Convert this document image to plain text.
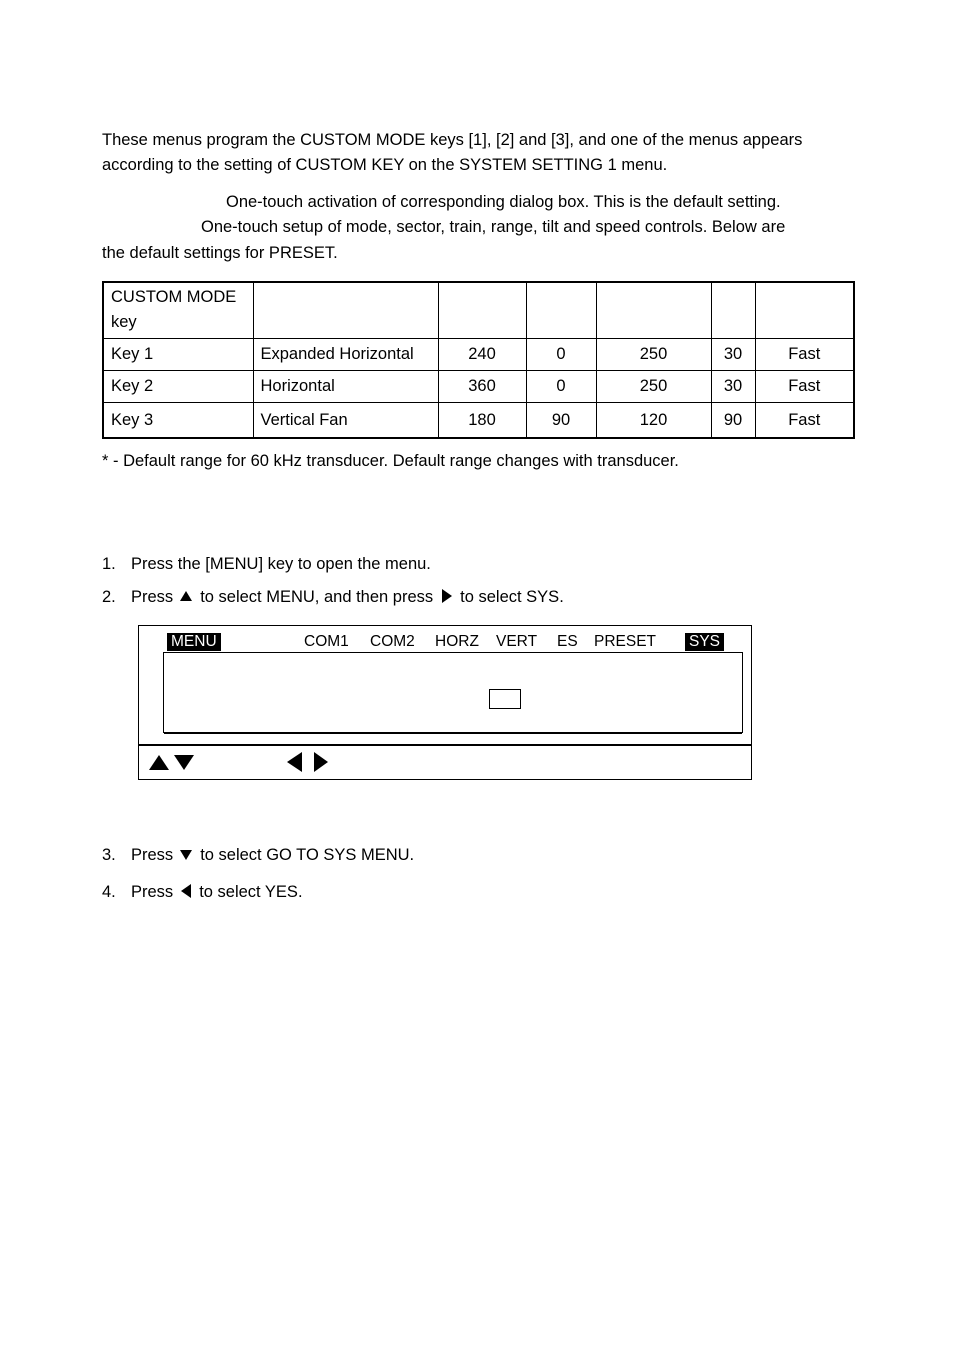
These menus program the CUSTOM MODE keys [1], [2] and [3], and one of the menus appears
according to the setting of CUSTOM KEY on the SYSTEM SETTING 1 menu.
One-touch activation of corresponding dialog box. This is the default setting.
One-touch setup of mode, sector, train, range, tilt and speed controls. Below are
the default settings for PRESET.
CUSTOM MODE
key						
Key 1	Expanded Horizontal	240	0	250	30	Fast
Key 2	Horizontal	360	0	250	30	Fast
Key 3	Vertical Fan	180	90	120	90	Fast
* - Default range for 60 kHz transducer. Default range changes with transducer.
1. Press the [MENU] key to open the menu.
2. Press to select MENU, and then press to select SYS.
MENU	COM1 COM2 HORZ VERT ES PRESET SYS
3. Press to select GO TO SYS MENU.
4. Press to select YES.
